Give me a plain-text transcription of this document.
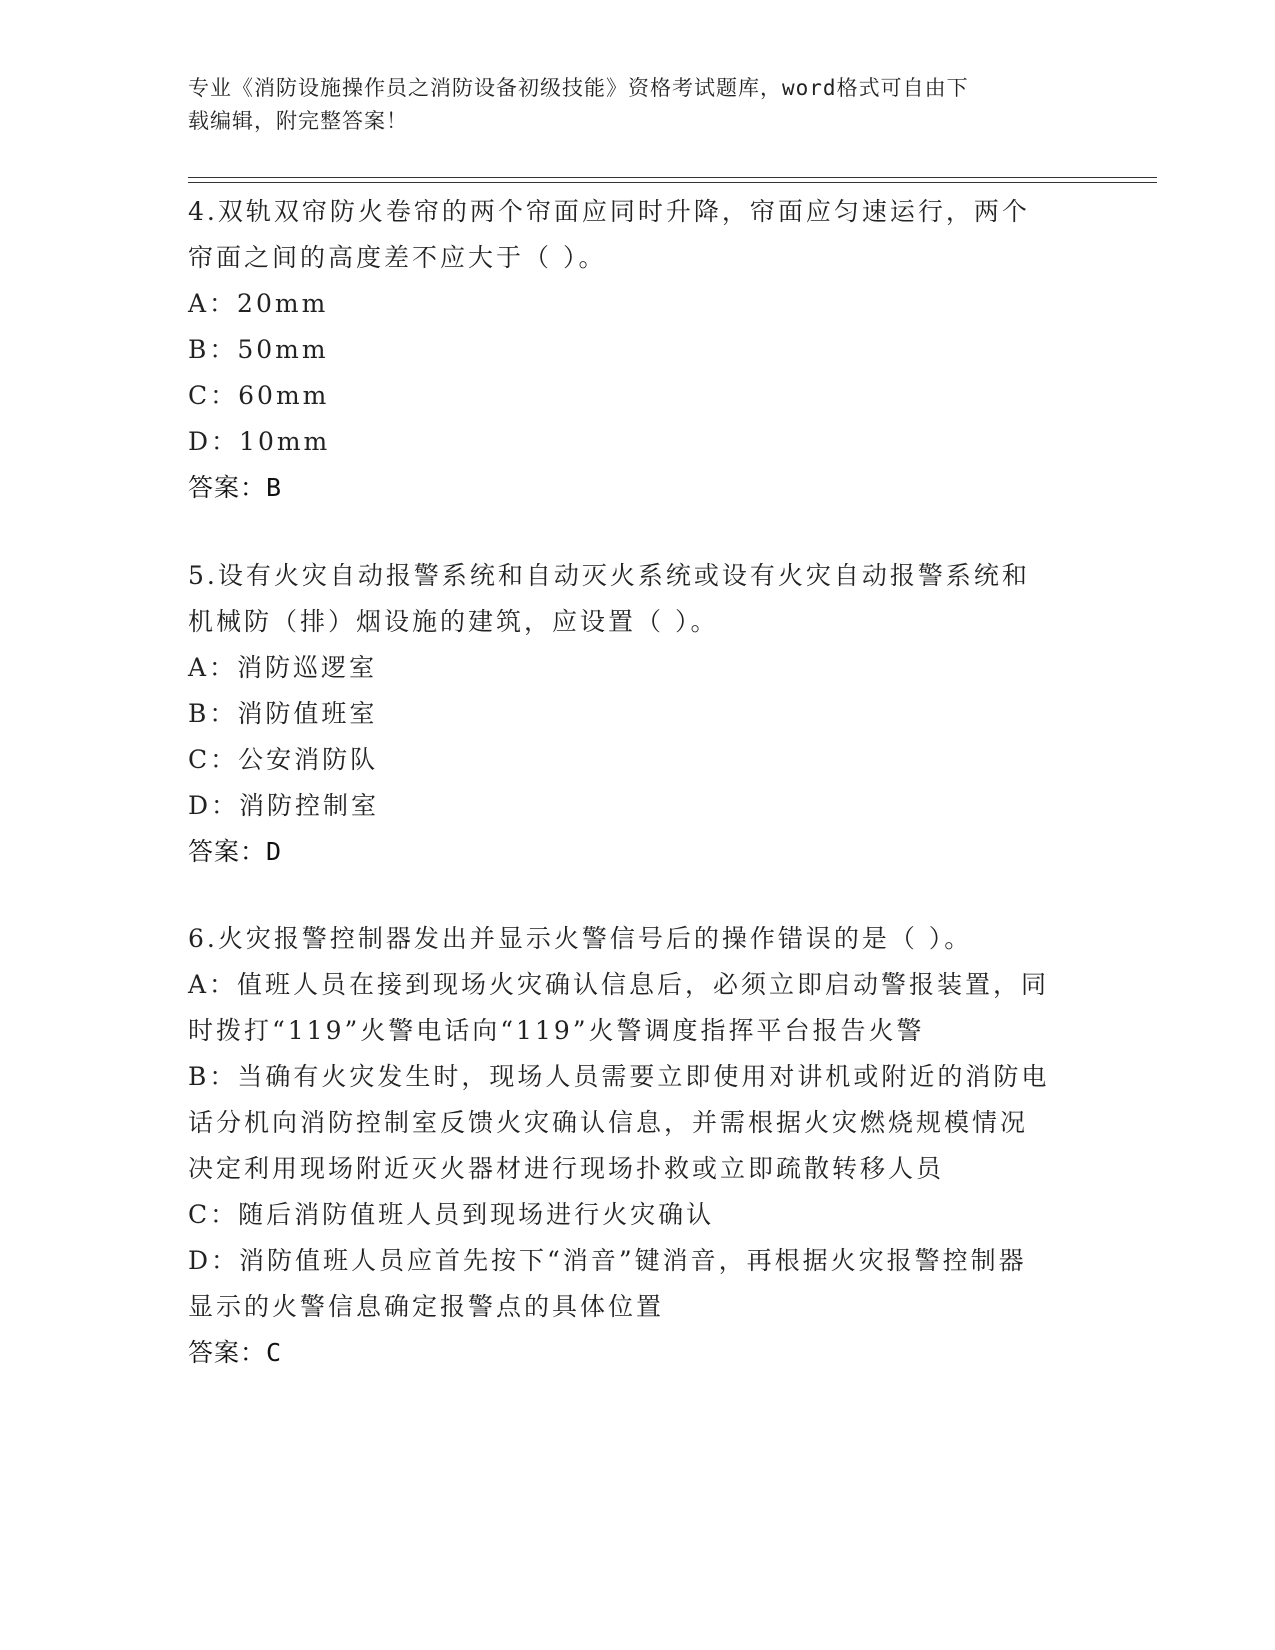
专业《消防设施操作员之消防设备初级技能》资格考试题库，word格式可自由下
载编辑，附完整答案！

4.双轨双帘防火卷帘的两个帘面应同时升降，帘面应匀速运行，两个

帘面之间的高度差不应大于（ ）。

A：20mm

B：50mm

C：60mm

D：10mm

答案：B

5.设有火灾自动报警系统和自动灭火系统或设有火灾自动报警系统和

机械防（排）烟设施的建筑，应设置（ ）。

A：消防巡逻室

B：消防值班室

C：公安消防队

D：消防控制室

答案：D

6.火灾报警控制器发出并显示火警信号后的操作错误的是（ ）。

A：值班人员在接到现场火灾确认信息后，必须立即启动警报装置，同

时拨打“119”火警电话向“119”火警调度指挥平台报告火警

B：当确有火灾发生时，现场人员需要立即使用对讲机或附近的消防电

话分机向消防控制室反馈火灾确认信息，并需根据火灾燃烧规模情况

决定利用现场附近灭火器材进行现场扑救或立即疏散转移人员

C：随后消防值班人员到现场进行火灾确认

D：消防值班人员应首先按下“消音”键消音，再根据火灾报警控制器

显示的火警信息确定报警点的具体位置

答案：C
